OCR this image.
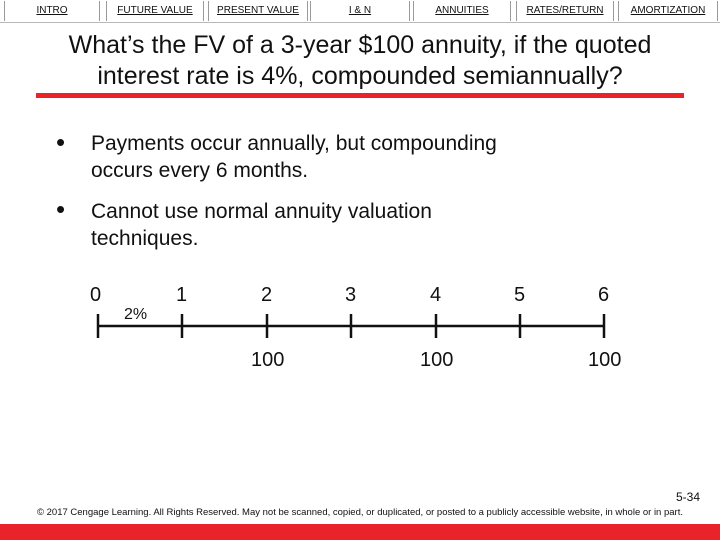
INTRO	FUTURE VALUE	PRESENT VALUE	I & N	ANNUITIES	RATES/RETURN	AMORTIZATION
What’s the FV of a 3-year $100 annuity, if the quoted
interest rate is 4%, compounded semiannually?
• Payments occur annually, but compounding
occurs every 6 months.
• Cannot use normal annuity valuation
techniques.
0	1	2	3	4	5	6
2%
100	100	100
5-34
© 2017 Cengage Learning. All Rights Reserved. May not be scanned, copied, or duplicated, or posted to a publicly accessible website, in whole or in part.
